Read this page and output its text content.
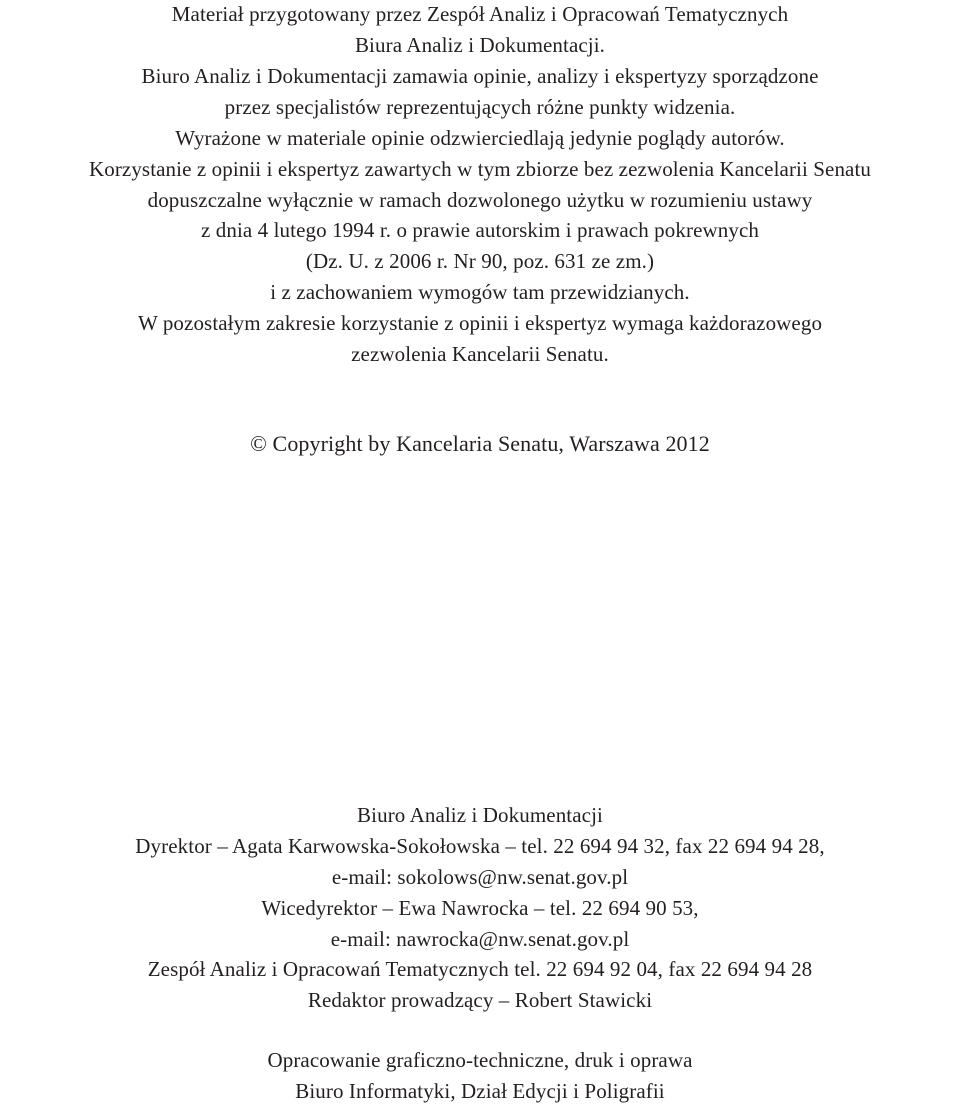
Materiał przygotowany przez Zespół Analiz i Opracowań Tematycznych
Biura Analiz i Dokumentacji.
Biuro Analiz i Dokumentacji zamawia opinie, analizy i ekspertyzy sporządzone
przez specjalistów reprezentujących różne punkty widzenia.
Wyrażone w materiale opinie odzwierciedlają jedynie poglądy autorów.
Korzystanie z opinii i ekspertyz zawartych w tym zbiorze bez zezwolenia Kancelarii Senatu
dopuszczalne wyłącznie w ramach dozwolonego użytku w rozumieniu ustawy
z dnia 4 lutego 1994 r. o prawie autorskim i prawach pokrewnych
(Dz. U. z 2006 r. Nr 90, poz. 631 ze zm.)
i z zachowaniem wymogów tam przewidzianych.
W pozostałym zakresie korzystanie z opinii i ekspertyz wymaga każdorazowego
zezwolenia Kancelarii Senatu.
© Copyright by Kancelaria Senatu, Warszawa 2012
Biuro Analiz i Dokumentacji
Dyrektor – Agata Karwowska-Sokołowska – tel. 22 694 94 32, fax 22 694 94 28,
e-mail: sokolows@nw.senat.gov.pl
Wicedyrektor – Ewa Nawrocka – tel. 22 694 90 53,
e-mail: nawrocka@nw.senat.gov.pl
Zespół Analiz i Opracowań Tematycznych tel. 22 694 92 04, fax 22 694 94 28
Redaktor prowadzący – Robert Stawicki
Opracowanie graficzno-techniczne, druk i oprawa
Biuro Informatyki, Dział Edycji i Poligrafii
